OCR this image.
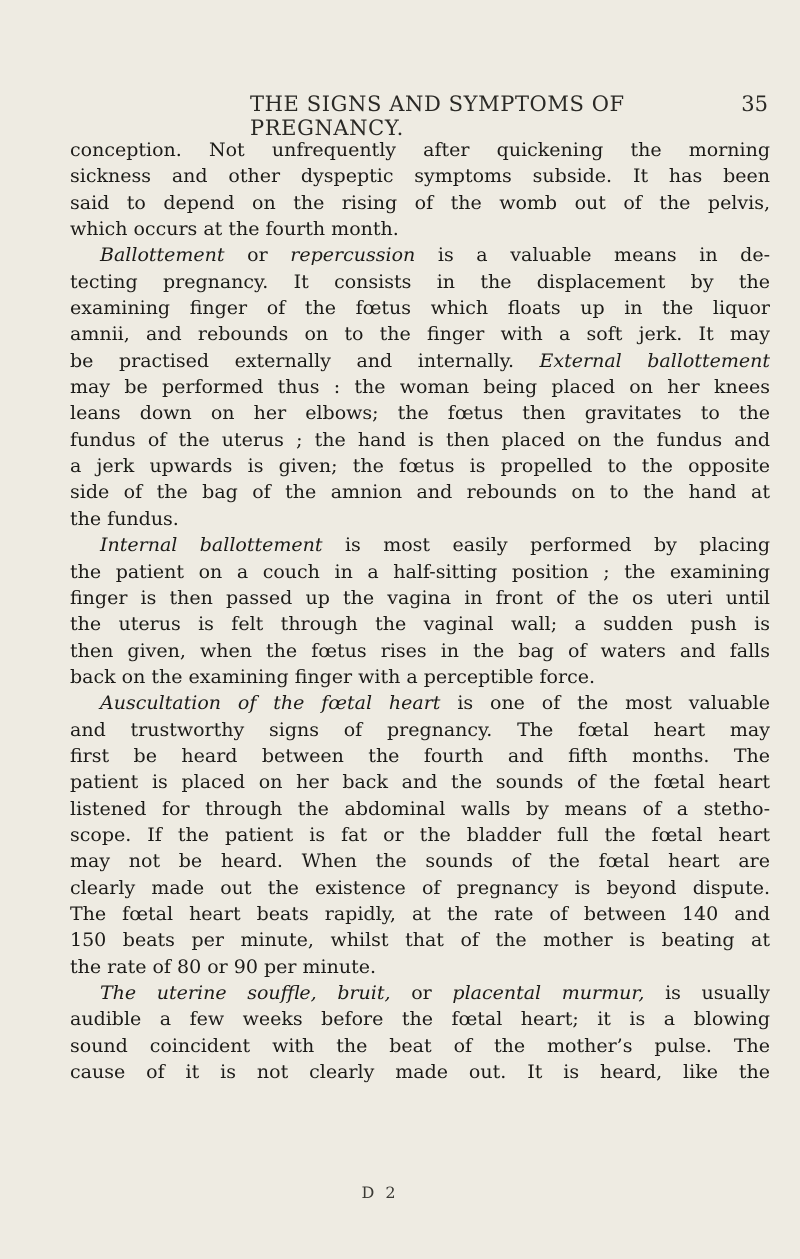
THE SIGNS AND SYMPTOMS OF PREGNANCY.
35
conception. Not unfrequently after quickening the morning
sickness and other dyspeptic symptoms subside. It has been
said to depend on the rising of the womb out of the pelvis,
which occurs at the fourth month.
Ballottement or repercussion is a valuable means in de-
tecting pregnancy. It consists in the displacement by the
examining finger of the fœtus which floats up in the liquor
amnii, and rebounds on to the finger with a soft jerk. It may
be practised externally and internally. External ballottement
may be performed thus : the woman being placed on her knees
leans down on her elbows; the fœtus then gravitates to the
fundus of the uterus ; the hand is then placed on the fundus and
a jerk upwards is given; the fœtus is propelled to the opposite
side of the bag of the amnion and rebounds on to the hand at
the fundus.
Internal ballottement is most easily performed by placing
the patient on a couch in a half-sitting position ; the examining
finger is then passed up the vagina in front of the os uteri until
the uterus is felt through the vaginal wall; a sudden push is
then given, when the fœtus rises in the bag of waters and falls
back on the examining finger with a perceptible force.
Auscultation of the fœtal heart is one of the most valuable
and trustworthy signs of pregnancy. The fœtal heart may
first be heard between the fourth and fifth months. The
patient is placed on her back and the sounds of the fœtal heart
listened for through the abdominal walls by means of a stetho-
scope. If the patient is fat or the bladder full the fœtal heart
may not be heard. When the sounds of the fœtal heart are
clearly made out the existence of pregnancy is beyond dispute.
The fœtal heart beats rapidly, at the rate of between 140 and
150 beats per minute, whilst that of the mother is beating at
the rate of 80 or 90 per minute.
The uterine souffle, bruit, or placental murmur, is usually
audible a few weeks before the fœtal heart; it is a blowing
sound coincident with the beat of the mother’s pulse. The
cause of it is not clearly made out. It is heard, like the
D 2
